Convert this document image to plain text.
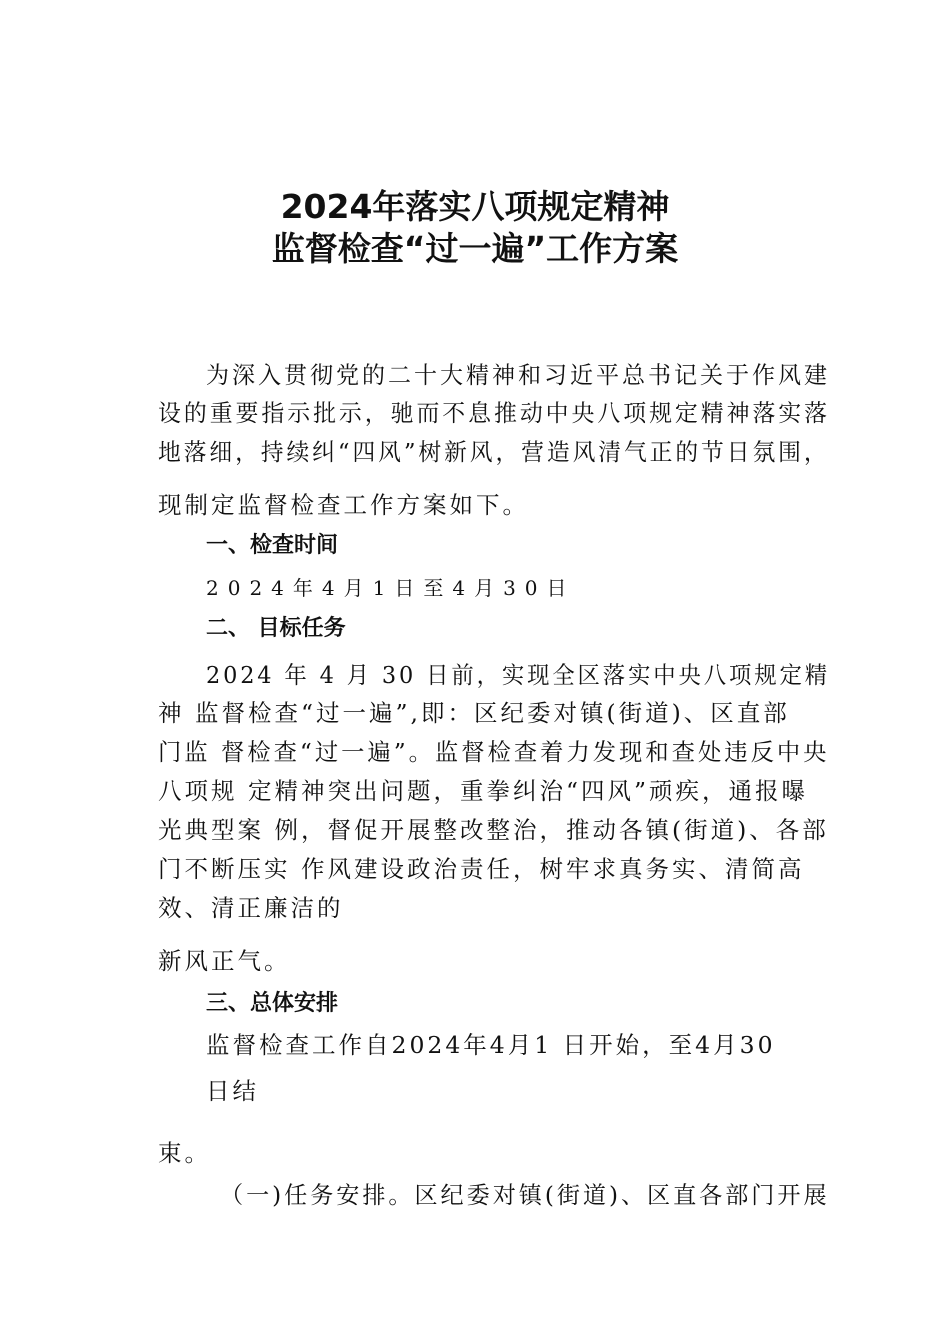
2024年落实八项规定精神
监督检查“过一遍”工作方案

为深入贯彻党的二十大精神和习近平总书记关于作风建

设的重要指示批示，驰而不息推动中央八项规定精神落实落

地落细，持续纠“四风”树新风，营造风清气正的节日氛围，

现制定监督检查工作方案如下。

一、检查时间

2024年4月1日至4月30日

二、 目标任务

2024 年 4 月 30 日前，实现全区落实中央八项规定精

神 监督检查“过一遍”,即：区纪委对镇(街道)、区直部

门监 督检查“过一遍”。监督检查着力发现和查处违反中央

八项规 定精神突出问题，重拳纠治“四风”顽疾，通报曝

光典型案 例，督促开展整改整治，推动各镇(街道)、各部

门不断压实 作风建设政治责任，树牢求真务实、清简高

效、清正廉洁的

新风正气。

三、总体安排

监督检查工作自2024年4月1 日开始，至4月30

日结

束。

（一)任务安排。区纪委对镇(街道)、区直各部门开展
